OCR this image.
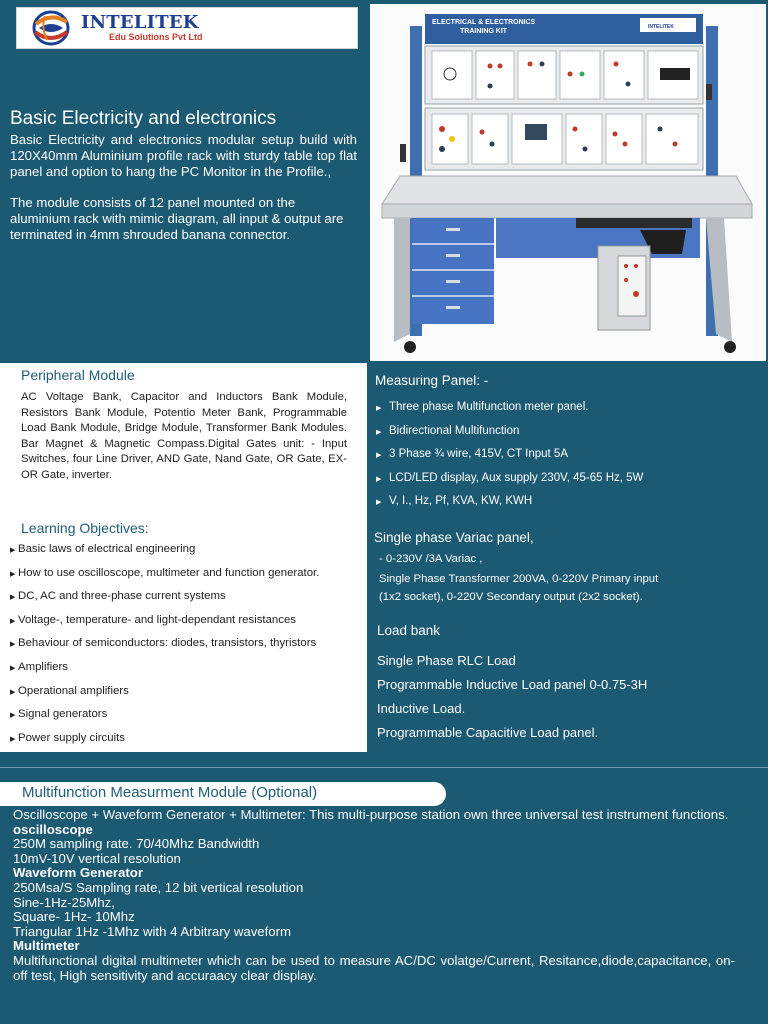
INTELITEK
Edu Solutions Pvt Ltd
ELECTRICAL & ELECTRONICS
TRAINING KIT
INTELITEK
Basic Electricity and electronics
Basic Electricity and electronics modular setup build with 120X40mm Aluminium profile rack with sturdy table top flat panel and option to hang the PC Monitor in the Profile.,
The module consists of 12 panel mounted on the aluminium rack with mimic diagram, all input & output are terminated in 4mm shrouded banana connector.
Peripheral Module
AC Voltage Bank, Capacitor and Inductors Bank Module, Resistors Bank Module, Potentio Meter Bank, Programmable Load Bank Module, Bridge Module, Transformer Bank Modules. Bar Magnet & Magnetic Compass.Digital Gates unit: - Input Switches, four Line Driver, AND Gate, Nand Gate, OR Gate, EX-OR Gate, inverter.
Learning Objectives:
▶ Basic laws of electrical engineering
▶ How to use oscilloscope, multimeter and function generator.
▶ DC, AC and three-phase current systems
▶ Voltage-, temperature- and light-dependant resistances
▶ Behaviour of semiconductors: diodes, transistors, thyristors
▶ Amplifiers
▶ Operational amplifiers
▶ Signal generators
▶ Power supply circuits
Measuring Panel: -
▶ Three phase Multifunction meter panel.
▶ Bidirectional Multifunction
▶ 3 Phase ¾ wire, 415V, CT Input 5A
▶ LCD/LED display, Aux supply 230V, 45-65 Hz, 5W
▶ V, I., Hz, Pf, KVA, KW, KWH
Single phase Variac panel,
- 0-230V /3A Variac ,
Single Phase Transformer 200VA, 0-220V Primary input
(1x2 socket), 0-220V Secondary output (2x2 socket).
Load bank
Single Phase RLC Load
Programmable Inductive Load panel 0-0.75-3H
Inductive Load.
Programmable Capacitive Load panel.
Multifunction Measurment Module (Optional)

Oscilloscope + Waveform Generator + Multimeter: This multi-purpose station own three universal test instrument functions.

oscilloscope

250M sampling rate. 70/40Mhz Bandwidth

10mV-10V vertical resolution

Waveform Generator

250Msa/S Sampling rate, 12 bit vertical resolution

Sine-1Hz-25Mhz,

Square- 1Hz- 10Mhz

Triangular 1Hz -1Mhz with 4 Arbitrary waveform

Multimeter

Multifunctional digital multimeter which can be used to measure AC/DC volatge/Current, Resitance,diode,capacitance, on-off test, High sensitivity and accuraacy clear display.
